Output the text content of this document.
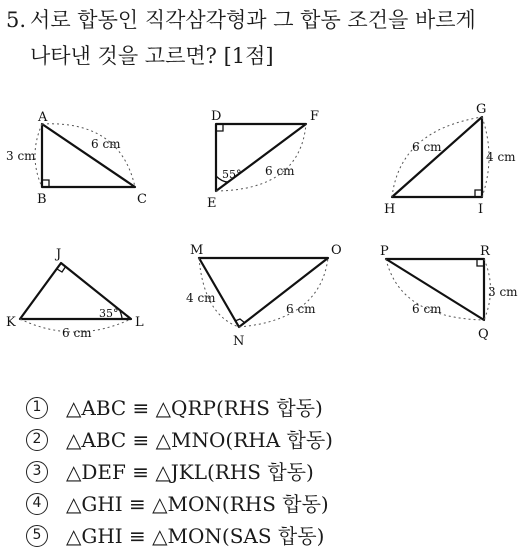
5. 서로 합동인 직각삼각형과 그 합동 조건을 바르게
나타낸 것을 고르면? [1점]
A
B	C
3 cm
6 cm
D	F
E
55° 6 cm
G
H	I
6 cm
4 cm
J
K	L
35°
6 cm
M	O
N
4 cm
6 cm
P	R
Q
6 cm
3 cm
1 △ABC ≡ △QRP(RHS 합동)
2 △ABC ≡ △MNO(RHA 합동)
3 △DEF ≡ △JKL(RHS 합동)
4 △GHI ≡ △MON(RHS 합동)
5 △GHI ≡ △MON(SAS 합동)
